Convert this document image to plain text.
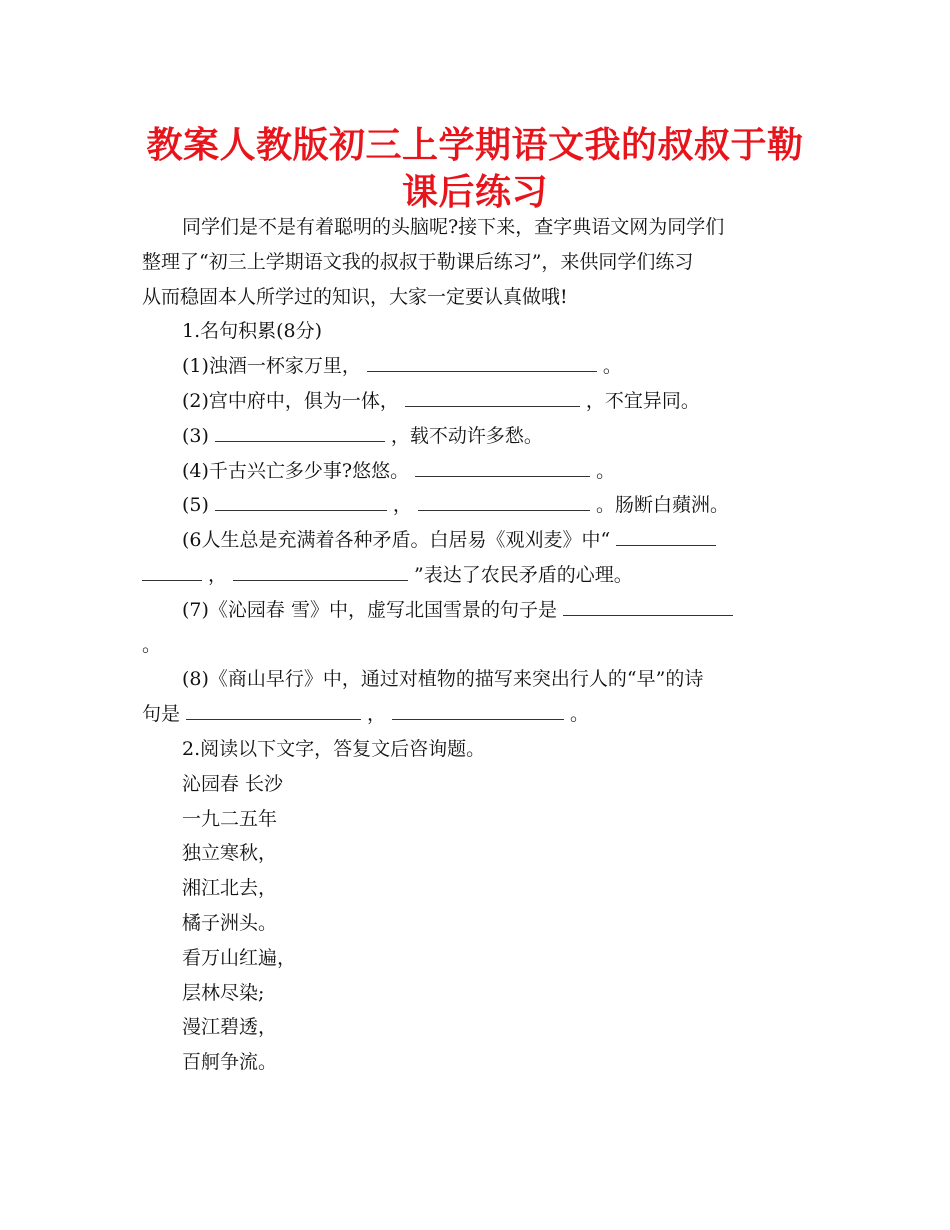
教案人教版初三上学期语文我的叔叔于勒
课后练习
同学们是不是有着聪明的头脑呢?接下来，查字典语文网为同学们
整理了“初三上学期语文我的叔叔于勒课后练习”，来供同学们练习
从而稳固本人所学过的知识，大家一定要认真做哦!
1.名句积累(8分)
(1)浊酒一杯家万里，	。
(2)宫中府中，俱为一体，	，不宜异同。
(3)	，载不动许多愁。
(4)千古兴亡多少事?悠悠。	。
(5)	，	。肠断白蘋洲。
(6人生总是充满着各种矛盾。白居易《观刈麦》中“
，	”表达了农民矛盾的心理。
(7)《沁园春 雪》中，虚写北国雪景的句子是
。
(8)《商山早行》中，通过对植物的描写来突出行人的“早”的诗
句是	，	。
2.阅读以下文字，答复文后咨询题。
沁园春 长沙
一九二五年
独立寒秋，
湘江北去，
橘子洲头。
看万山红遍，
层林尽染;
漫江碧透，
百舸争流。
